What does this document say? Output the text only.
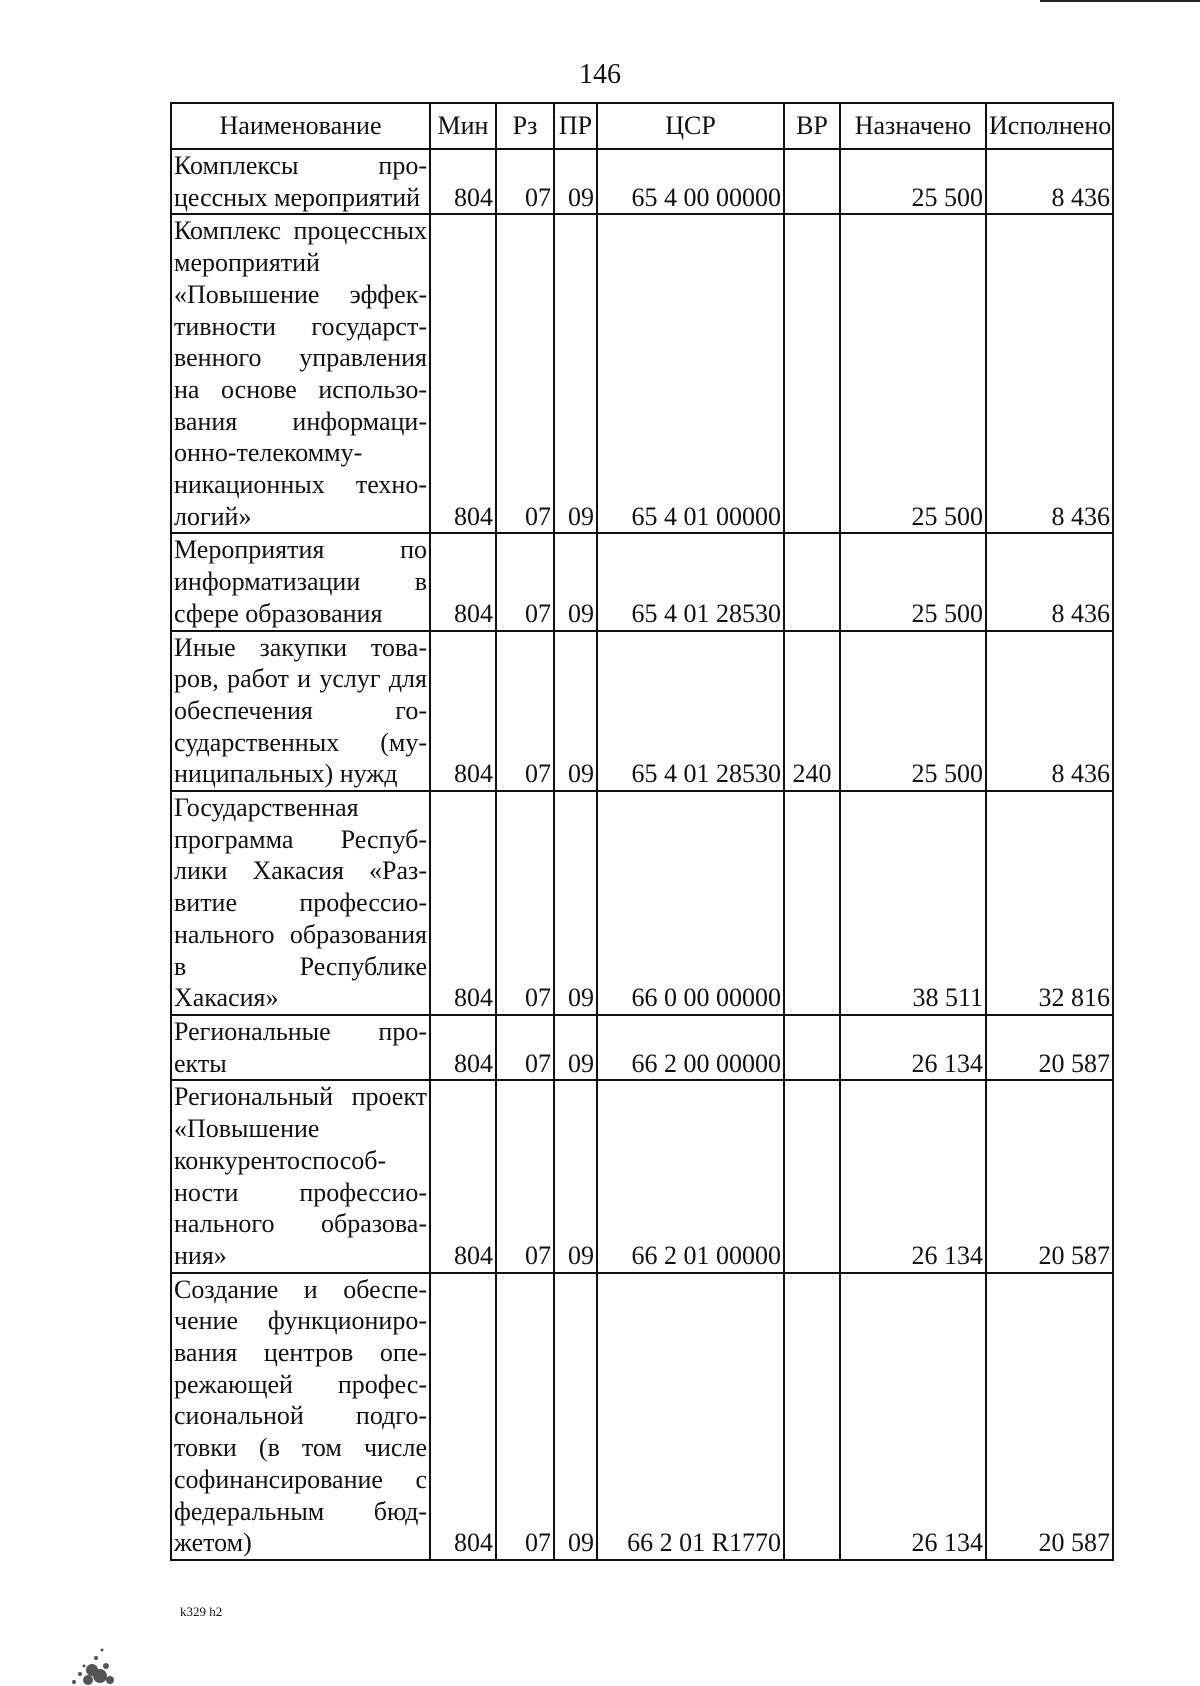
146
Наименование	Мин	Рз	ПР	ЦСР	ВР	Назначено	Исполнено
Комплексы процессных мероприятий	804	07	09	65 4 00 00000		25 500	8 436
Комплекс процессных мероприятий «Повышение эффективности государственного управления на основе использования информационно-телекоммуникационных технологий»	804	07	09	65 4 01 00000		25 500	8 436
Мероприятия по информатизации в сфере образования	804	07	09	65 4 01 28530		25 500	8 436
Иные закупки товаров, работ и услуг для обеспечения государственных (муниципальных) нужд	804	07	09	65 4 01 28530	240	25 500	8 436
Государственная программа Республики Хакасия «Развитие профессионального образования в Республике Хакасия»	804	07	09	66 0 00 00000		38 511	32 816
Региональные проекты	804	07	09	66 2 00 00000		26 134	20 587
Региональный проект «Повышение конкурентоспособности профессионального образования»	804	07	09	66 2 01 00000		26 134	20 587
Создание и обеспечение функционирования центров опережающей профессиональной подготовки (в том числе софинансирование с федеральным бюджетом)	804	07	09	66 2 01 R1770		26 134	20 587
k329 h2
